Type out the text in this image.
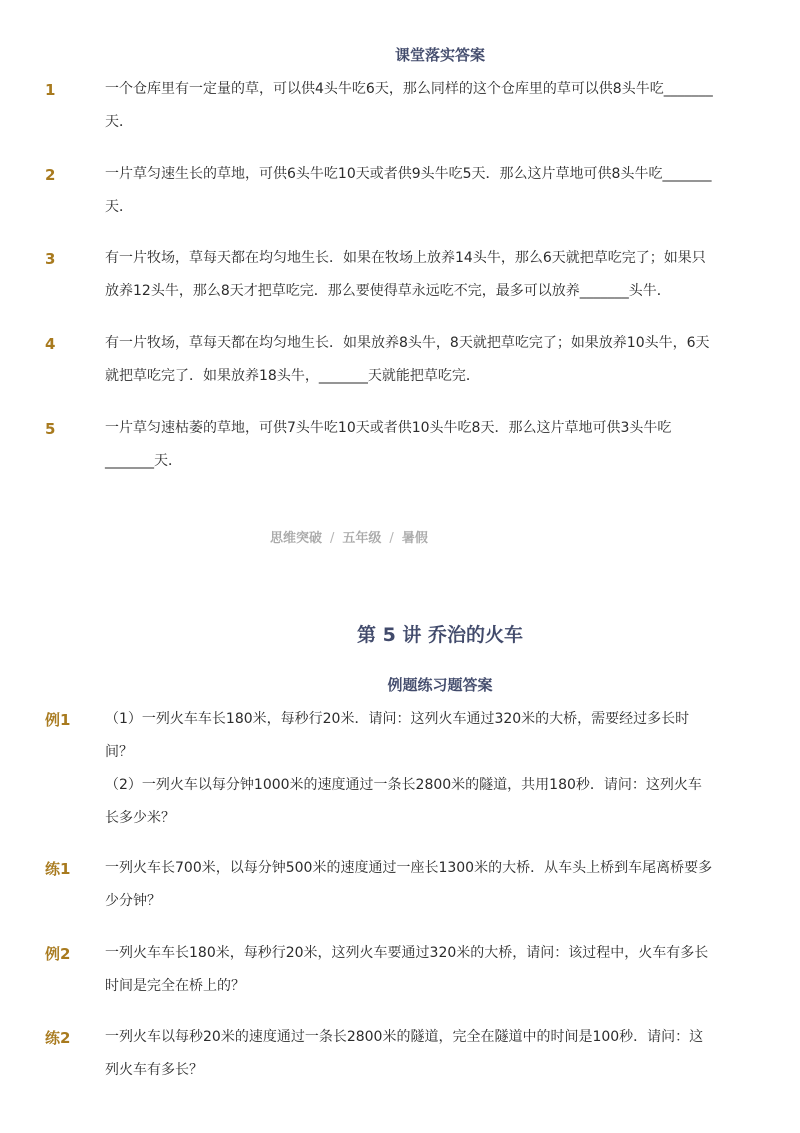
课堂落实答案
1	一个仓库里有一定量的草，可以供4头牛吃6天，那么同样的这个仓库里的草可以供8头牛吃_______天．

2	一片草匀速生长的草地，可供6头牛吃10天或者供9头牛吃5天．那么这片草地可供8头牛吃_______天．

3	有一片牧场，草每天都在均匀地生长．如果在牧场上放养14头牛，那么6天就把草吃完了；如果只放养12头牛，那么8天才把草吃完．那么要使得草永远吃不完，最多可以放养_______头牛．

4	有一片牧场，草每天都在均匀地生长．如果放养8头牛，8天就把草吃完了；如果放养10头牛，6天就把草吃完了．如果放养18头牛，_______天就能把草吃完．

5	一片草匀速枯萎的草地，可供7头牛吃10天或者供10头牛吃8天．那么这片草地可供3头牛吃_______天．

思维突破 / 五年级 / 暑假
第 5 讲 乔治的火车
例题练习题答案
例1 （1）一列火车车长180米，每秒行20米．请问：这列火车通过320米的大桥，需要经过多长时间？

（2）一列火车以每分钟1000米的速度通过一条长2800米的隧道，共用180秒．请问：这列火车长多少米？

练1 一列火车长700米，以每分钟500米的速度通过一座长1300米的大桥．从车头上桥到车尾离桥要多少分钟？

例2 一列火车车长180米，每秒行20米，这列火车要通过320米的大桥，请问：该过程中，火车有多长时间是完全在桥上的？

练2 一列火车以每秒20米的速度通过一条长2800米的隧道，完全在隧道中的时间是100秒．请问：这列火车有多长？
